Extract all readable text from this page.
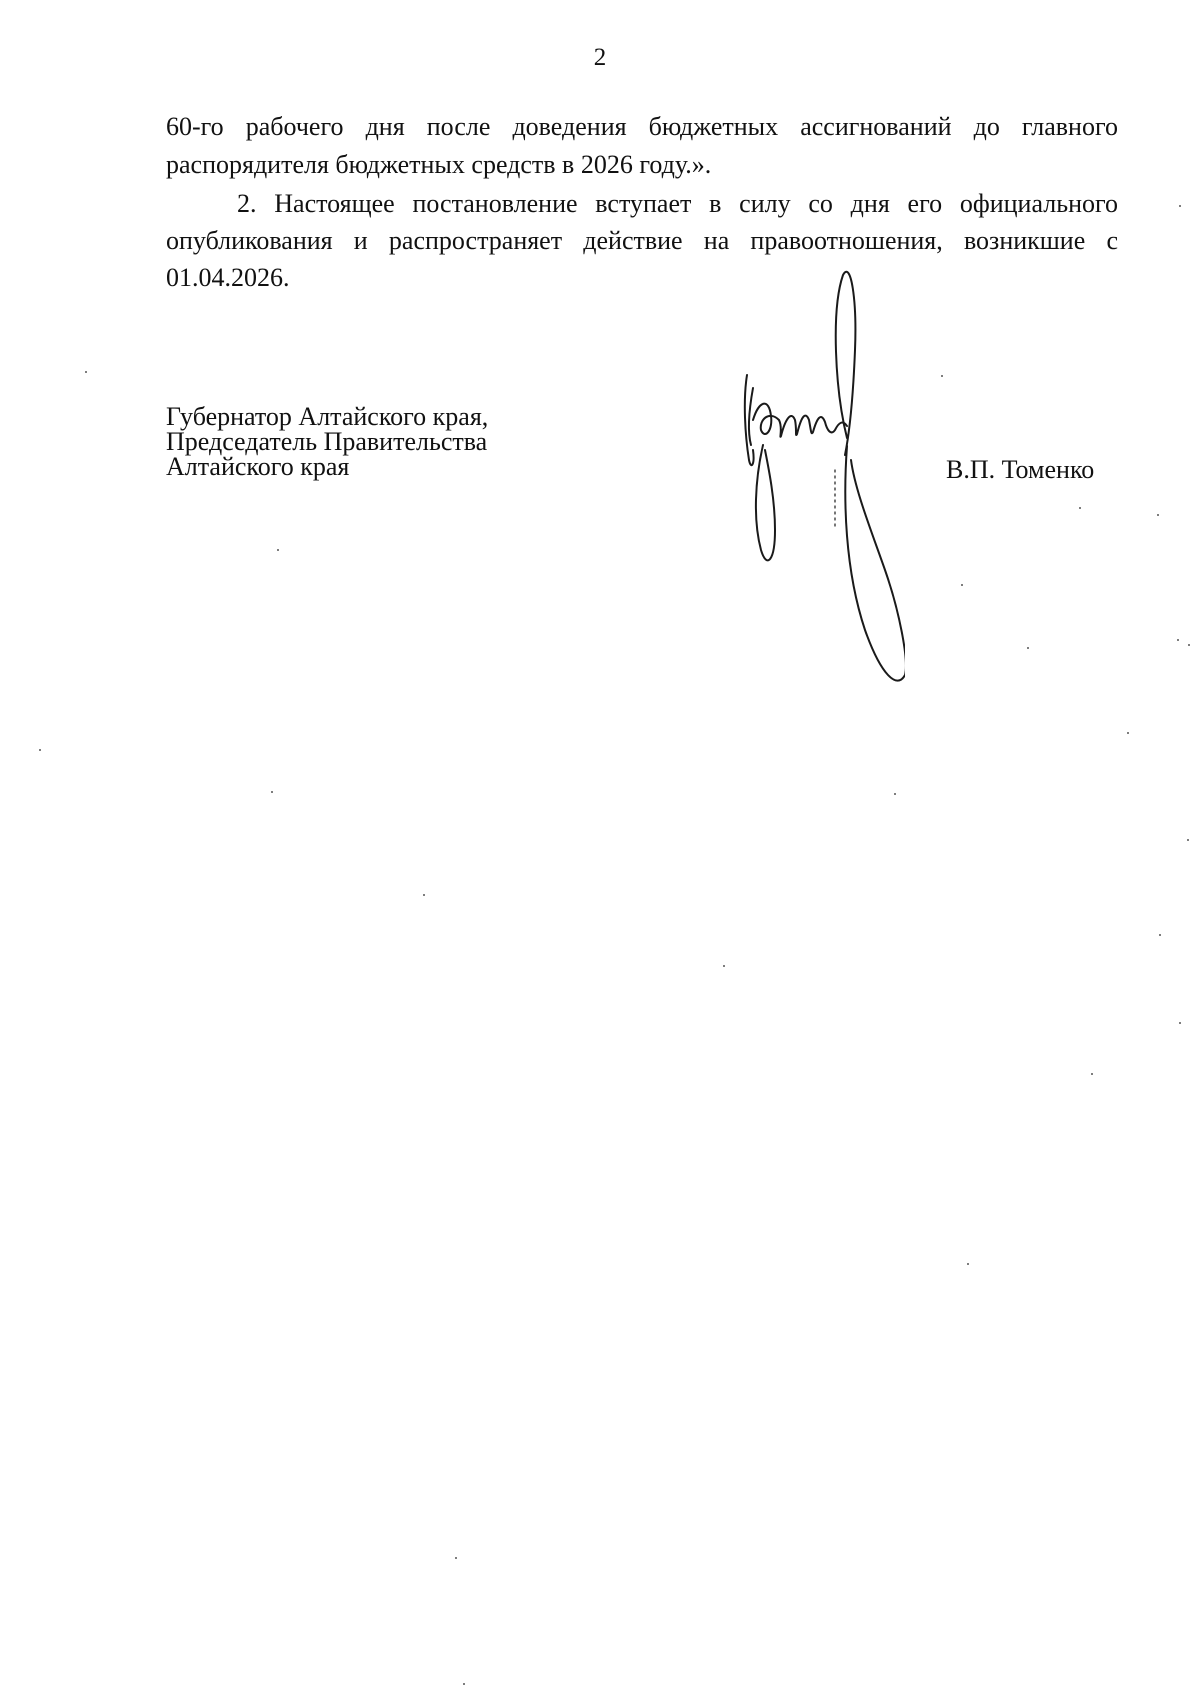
2
60-го рабочего дня после доведения бюджетных ассигнований до главного
распорядителя бюджетных средств в 2026 году.».
2. Настоящее постановление вступает в силу со дня его официального опубликования и распространяет действие на правоотношения, возникшие с 01.04.2026.
Губернатор Алтайского края,
Председатель Правительства
Алтайского края	В.П. Томенко
